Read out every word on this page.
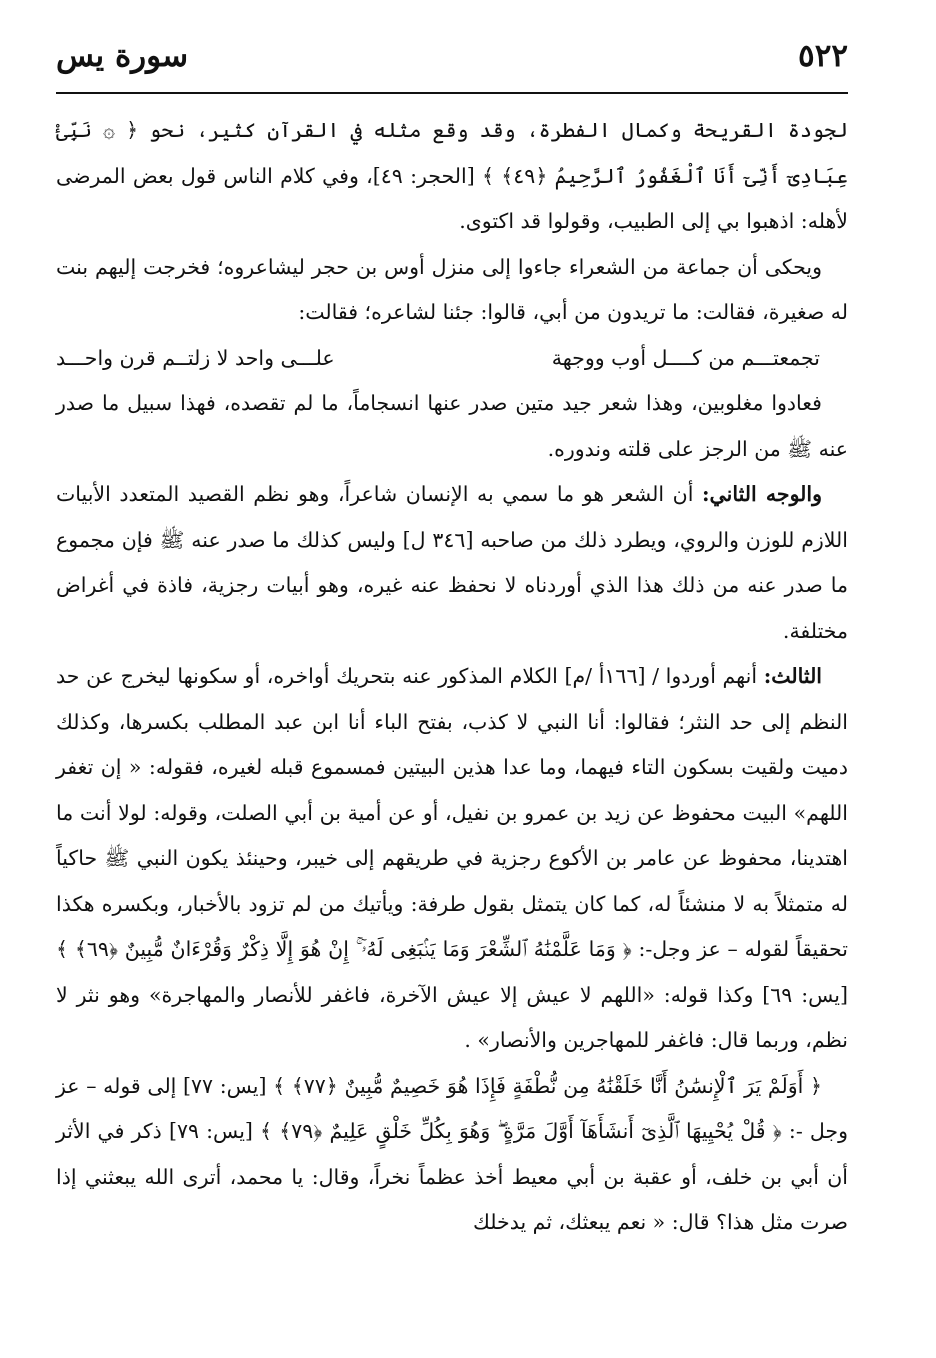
٥٢٢
سورة يس

لجودة القريحة وكمال الفطرة، وقد وقع مثله في القرآن كثير، نحو ﴿ ۞ نَبِّئْ عِبَادِىٓ أَنِّىٓ أَنَا ٱلْغَفُورُ ٱلرَّحِيمُ ﴿٤٩﴾ ﴾ [الحجر: ٤٩]، وفي كلام الناس قول بعض المرضى لأهله: اذهبوا بي إلى الطبيب، وقولوا قد اكتوى.

ويحكى أن جماعة من الشعراء جاءوا إلى منزل أوس بن حجر ليشاعروه؛ فخرجت إليهم بنت له صغيرة، فقالت: ما تريدون من أبي، قالوا: جئنا لشاعره؛ فقالت:

تجمعتـــم من كــــل أوب ووجهة
علـــى واحد لا زلتــم قرن واحـــد

فعادوا مغلوبين، وهذا شعر جيد متين صدر عنها انسجاماً، ما لم تقصده، فهذا سبيل ما صدر عنه ﷺ من الرجز على قلته وندوره.

والوجه الثاني: أن الشعر هو ما سمي به الإنسان شاعراً، وهو نظم القصيد المتعدد الأبيات اللازم للوزن والروي، ويطرد ذلك من صاحبه [٣٤٦ ل] وليس كذلك ما صدر عنه ﷺ فإن مجموع ما صدر عنه من ذلك هذا الذي أوردناه لا نحفظ عنه غيره، وهو أبيات رجزية، فاذة في أغراض مختلفة.

الثالث: أنهم أوردوا / [١٦٦أ /م] الكلام المذكور عنه بتحريك أواخره، أو سكونها ليخرج عن حد النظم إلى حد النثر؛ فقالوا: أنا النبي لا كذب، بفتح الباء أنا ابن عبد المطلب بكسرها، وكذلك دميت ولقيت بسكون التاء فيهما، وما عدا هذين البيتين فمسموع قبله لغيره، فقوله: « إن تغفر اللهم» البيت محفوظ عن زيد بن عمرو بن نفيل، أو عن أمية بن أبي الصلت، وقوله: لولا أنت ما اهتدينا، محفوظ عن عامر بن الأكوع رجزية في طريقهم إلى خيبر، وحينئذ يكون النبي ﷺ حاكياً له متمثلاً به لا منشئاً له، كما كان يتمثل بقول طرفة: ويأتيك من لم تزود بالأخبار، وبكسره هكذا تحقيقاً لقوله – عز وجل-: ﴿ وَمَا عَلَّمْنَٰهُ ٱلشِّعْرَ وَمَا يَنۢبَغِى لَهُۥٓ ۚ إِنْ هُوَ إِلَّا ذِكْرٌ وَقُرْءَانٌ مُّبِينٌ ﴿٦٩﴾ ﴾ [يس: ٦٩] وكذا قوله: «اللهم لا عيش إلا عيش الآخرة، فاغفر للأنصار والمهاجرة» وهو نثر لا نظم، وربما قال: فاغفر للمهاجرين والأنصار» .

﴿ أَوَلَمْ يَرَ ٱلْإِنسَٰنُ أَنَّا خَلَقْنَٰهُ مِن نُّطْفَةٍ فَإِذَا هُوَ خَصِيمٌ مُّبِينٌ ﴿٧٧﴾ ﴾ [يس: ٧٧] إلى قوله – عز وجل -: ﴿ قُلْ يُحْيِيهَا ٱلَّذِىٓ أَنشَأَهَآ أَوَّلَ مَرَّةٍ ۖ وَهُوَ بِكُلِّ خَلْقٍ عَلِيمٌ ﴿٧٩﴾ ﴾ [يس: ٧٩] ذكر في الأثر أن أبي بن خلف، أو عقبة بن أبي معيط أخذ عظماً نخراً، وقال: يا محمد، أترى الله يبعثني إذا صرت مثل هذا؟ قال: « نعم يبعثك، ثم يدخلك
